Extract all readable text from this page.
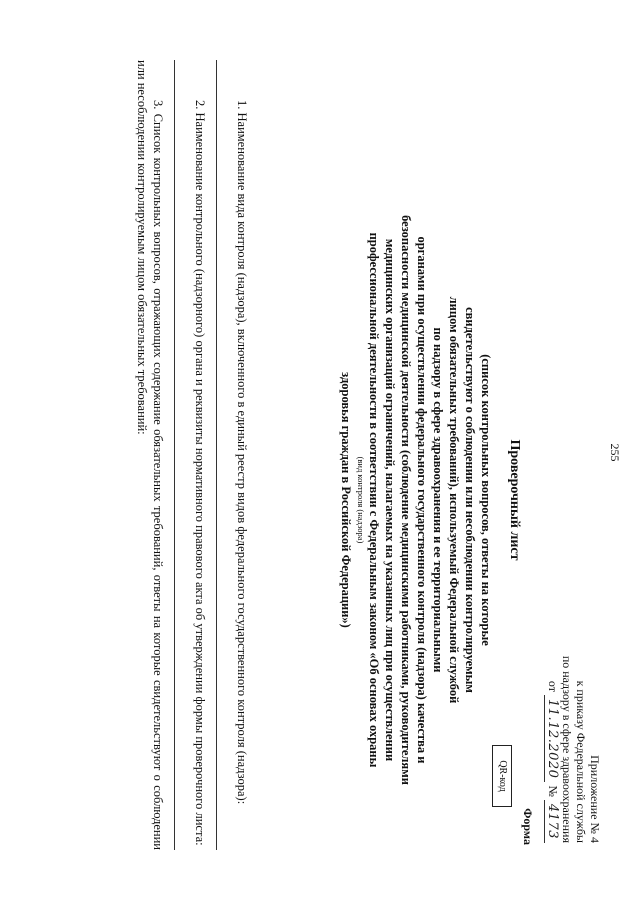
255
Приложение № 4
к приказу Федеральной службы
по надзору в сфере здравоохранения
от 11.12.2020 № 4173
Форма
QR-код
Проверочный лист
(список контрольных вопросов, ответы на которые
свидетельствуют о соблюдении или несоблюдении контролируемым
лицом обязательных требований), используемый Федеральной службой
по надзору в сфере здравоохранения и ее территориальными
органами при осуществлении федерального государственного контроля (надзора) качества и
безопасности медицинской деятельности (соблюдение медицинскими работниками, руководителями
медицинских организаций ограничений, налагаемых на указанных лиц при осуществлении
профессиональной деятельности в соответствии с Федеральным законом «Об основах охраны
(вид контроля (надзора)
здоровья граждан в Российской Федерации»)

1. Наименование вида контроля (надзора), включенного в единый реестр видов федерального государственного контроля (надзора):

2. Наименование контрольного (надзорного) органа и реквизиты нормативного правового акта об утверждении формы проверочного листа:

3. Список контрольных вопросов, отражающих содержание обязательных требований, ответы на которые свидетельствуют о соблюдении или несоблюдении контролируемым лицом обязательных требований:
